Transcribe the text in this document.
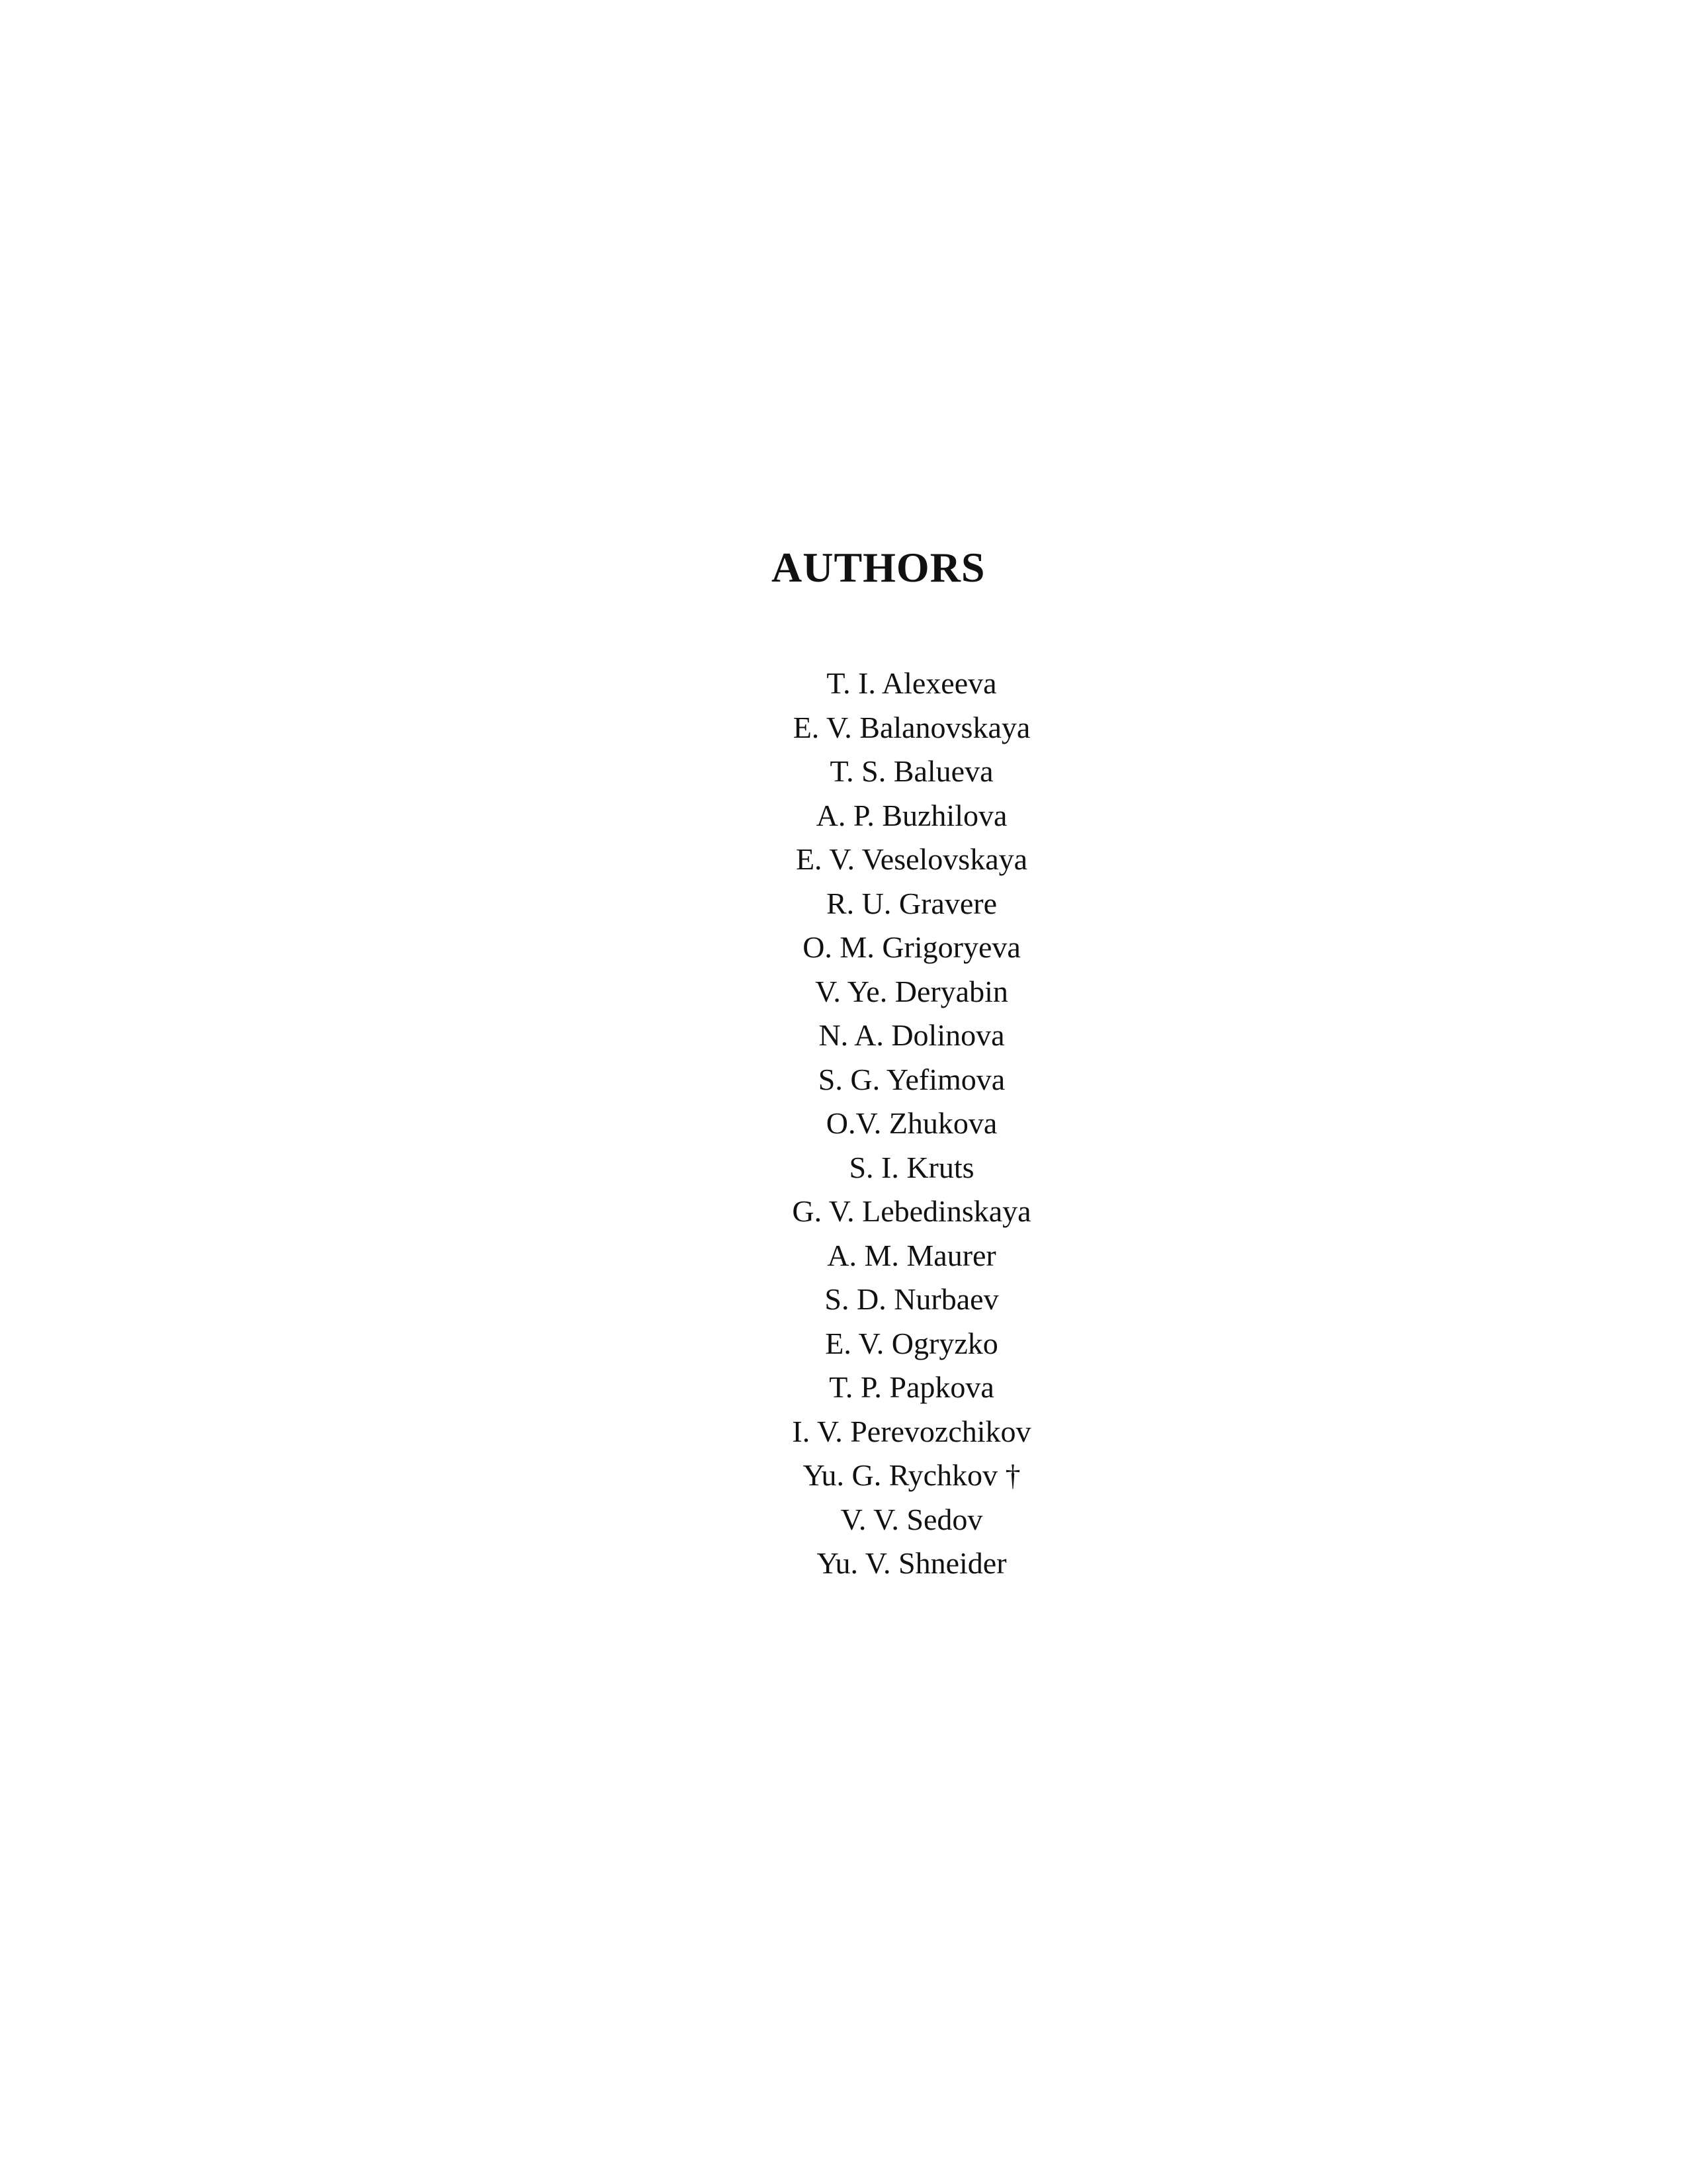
AUTHORS
T. I. Alexeeva
E. V. Balanovskaya
T. S. Balueva
A. P. Buzhilova
E. V. Veselovskaya
R. U. Gravere
O. M. Grigoryeva
V. Ye. Deryabin
N. A. Dolinova
S. G. Yefimova
O.V. Zhukova
S. I. Kruts
G. V. Lebedinskaya
A. M. Maurer
S. D. Nurbaev
E. V. Ogryzko
T. P. Papkova
I. V. Perevozchikov
Yu. G. Rychkov †
V. V. Sedov
Yu. V. Shneider
